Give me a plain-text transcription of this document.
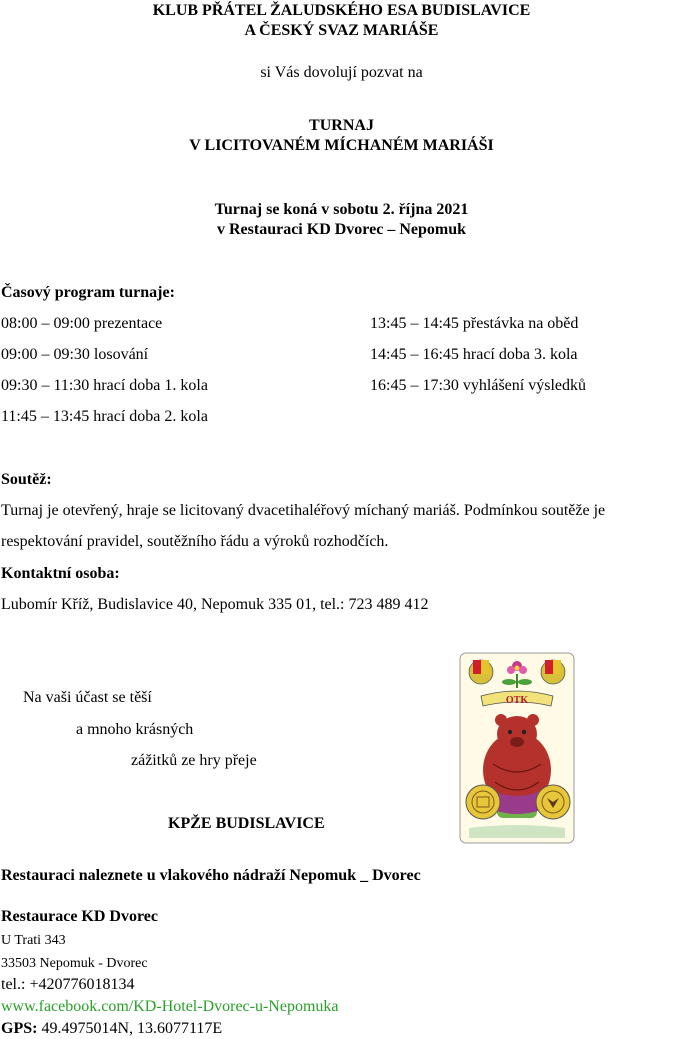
KLUB PŘÁTEL ŽALUDSKÉHO ESA BUDISLAVICE
A ČESKÝ SVAZ MARIÁŠE
si Vás dovolují pozvat na
TURNAJ
V LICITOVANÉM MÍCHANÉM MARIÁŠI
Turnaj se koná v sobotu 2. října 2021
v Restauraci KD Dvorec – Nepomuk
Časový program turnaje:
08:00 – 09:00 prezentace
09:00 – 09:30 losování
09:30 – 11:30 hrací doba 1. kola
11:45 – 13:45 hrací doba 2. kola
13:45 – 14:45 přestávka na oběd
14:45 – 16:45 hrací doba 3. kola
16:45 – 17:30 vyhlášení výsledků
Soutěž:
Turnaj je otevřený, hraje se licitovaný dvacetihaléřový míchaný mariáš. Podmínkou soutěže je
respektování pravidel, soutěžního řádu a výroků rozhodčích.
Kontaktní osoba:
Lubomír Kříž, Budislavice 40, Nepomuk 335 01, tel.: 723 489 412
Na vaši účast se těší
a mnoho krásných
zážitků ze hry přeje
KPŽE BUDISLAVICE
OTK
Restauraci naleznete u vlakového nádraží Nepomuk _ Dvorec
Restaurace KD Dvorec
U Trati 343
33503 Nepomuk - Dvorec
tel.: +420776018134
www.facebook.com/KD-Hotel-Dvorec-u-Nepomuka
GPS: 49.4975014N, 13.6077117E
